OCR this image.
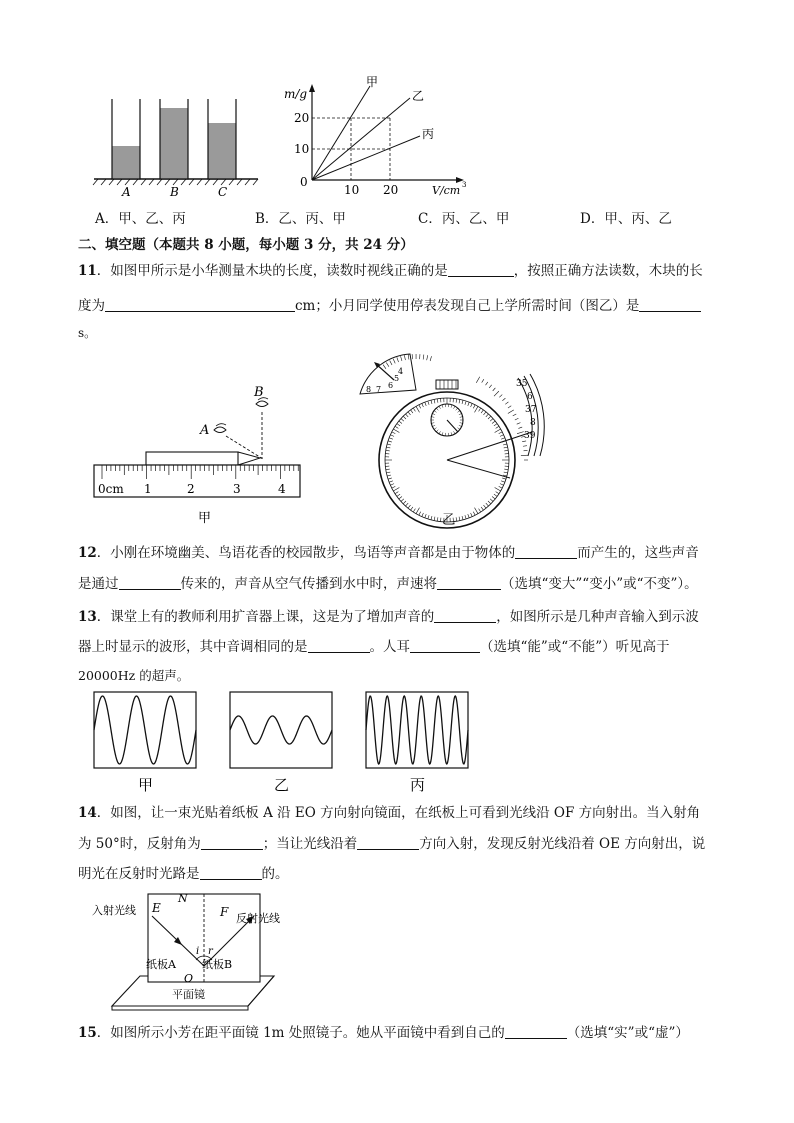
A	B	C
甲
乙
丙
m/g
20
10
0
10 20	V/cm 3
A．甲、乙、丙	B．乙、丙、甲	C．丙、乙、甲	D．甲、丙、乙
二、填空题（本题共 8 小题，每小题 3 分，共 24 分）
11．如图甲所示是小华测量木块的长度，读数时视线正确的是	，按照正确方法读数，木块的长
度为	cm；小月同学使用停表发现自己上学所需时间（图乙）是
s。
0cm 1	2	3	4
A
B
甲
4
5
6
7
8
35
6
37
8
39
乙
12．小刚在环境幽美、鸟语花香的校园散步，鸟语等声音都是由于物体的	而产生的，这些声音
是通过	传来的，声音从空气传播到水中时，声速将	（选填“变大”“变小”或“不变”）。
13．课堂上有的教师利用扩音器上课，这是为了增加声音的	，如图所示是几种声音输入到示波
器上时显示的波形，其中音调相同的是	。人耳	（选填“能”或“不能”）听见高于
20000Hz 的超声。
甲	乙	丙
14．如图，让一束光贴着纸板 A 沿 EO 方向射向镜面，在纸板上可看到光线沿 OF 方向射出。当入射角
为 50°时，反射角为	；当让光线沿着	方向入射，发现反射光线沿着 OE 方向射出，说
明光在反射时光路是	的。
入射光线
反射光线
E	F
N
i r
O
纸板A 纸板B
平面镜
15．如图所示小芳在距平面镜 1m 处照镜子。她从平面镜中看到自己的	（选填“实”或“虚”）
